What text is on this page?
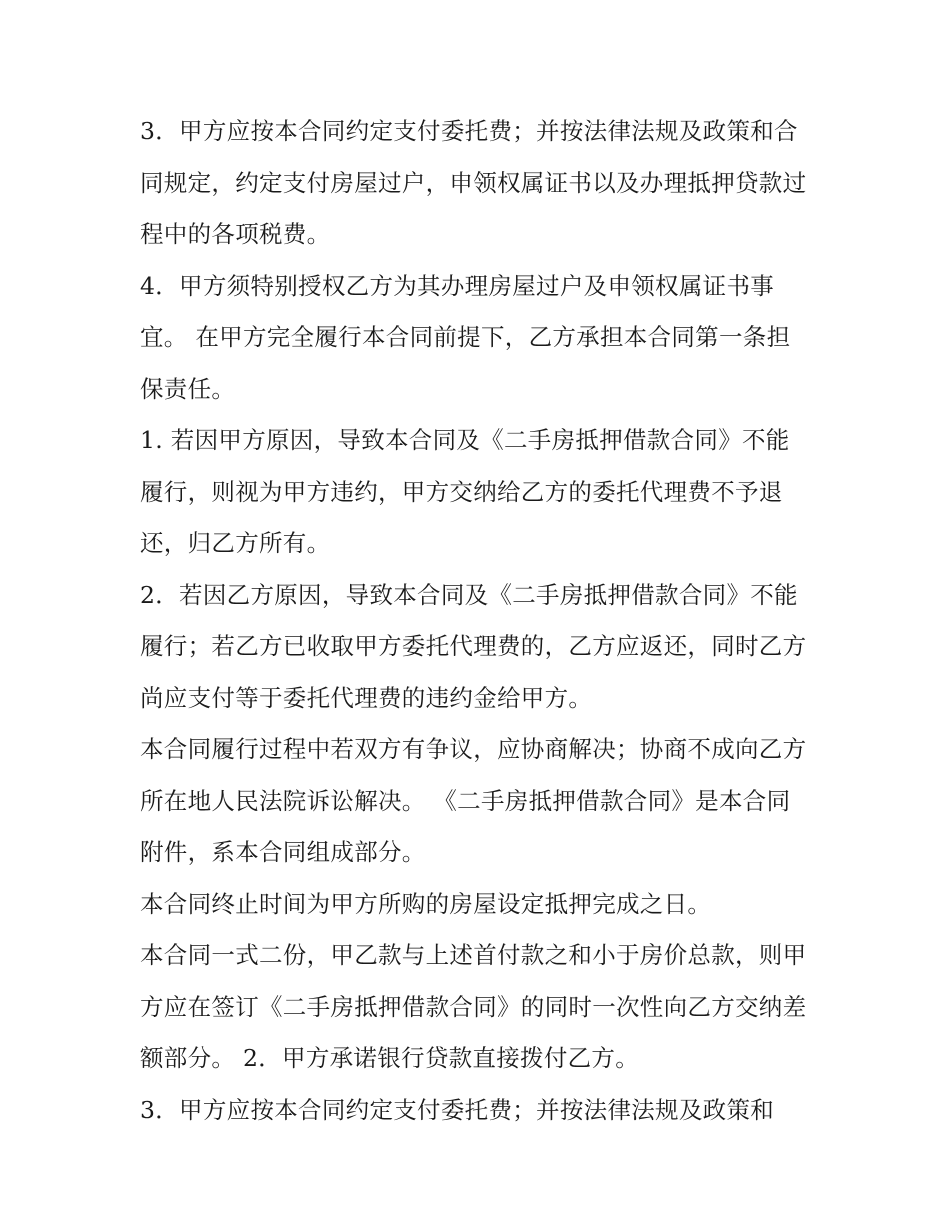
3．甲方应按本合同约定支付委托费；并按法律法规及政策和合同规定，约定支付房屋过户，申领权属证书以及办理抵押贷款过程中的各项税费。

4．甲方须特别授权乙方为其办理房屋过户及申领权属证书事宜。 在甲方完全履行本合同前提下，乙方承担本合同第一条担保责任。

1. 若因甲方原因，导致本合同及《二手房抵押借款合同》不能履行，则视为甲方违约，甲方交纳给乙方的委托代理费不予退还，归乙方所有。

2．若因乙方原因，导致本合同及《二手房抵押借款合同》不能履行；若乙方已收取甲方委托代理费的，乙方应返还，同时乙方尚应支付等于委托代理费的违约金给甲方。

本合同履行过程中若双方有争议，应协商解决；协商不成向乙方所在地人民法院诉讼解决。 《二手房抵押借款合同》是本合同附件，系本合同组成部分。

本合同终止时间为甲方所购的房屋设定抵押完成之日。

本合同一式二份，甲乙款与上述首付款之和小于房价总款，则甲方应在签订《二手房抵押借款合同》的同时一次性向乙方交纳差额部分。 2．甲方承诺银行贷款直接拨付乙方。

3．甲方应按本合同约定支付委托费；并按法律法规及政策和
